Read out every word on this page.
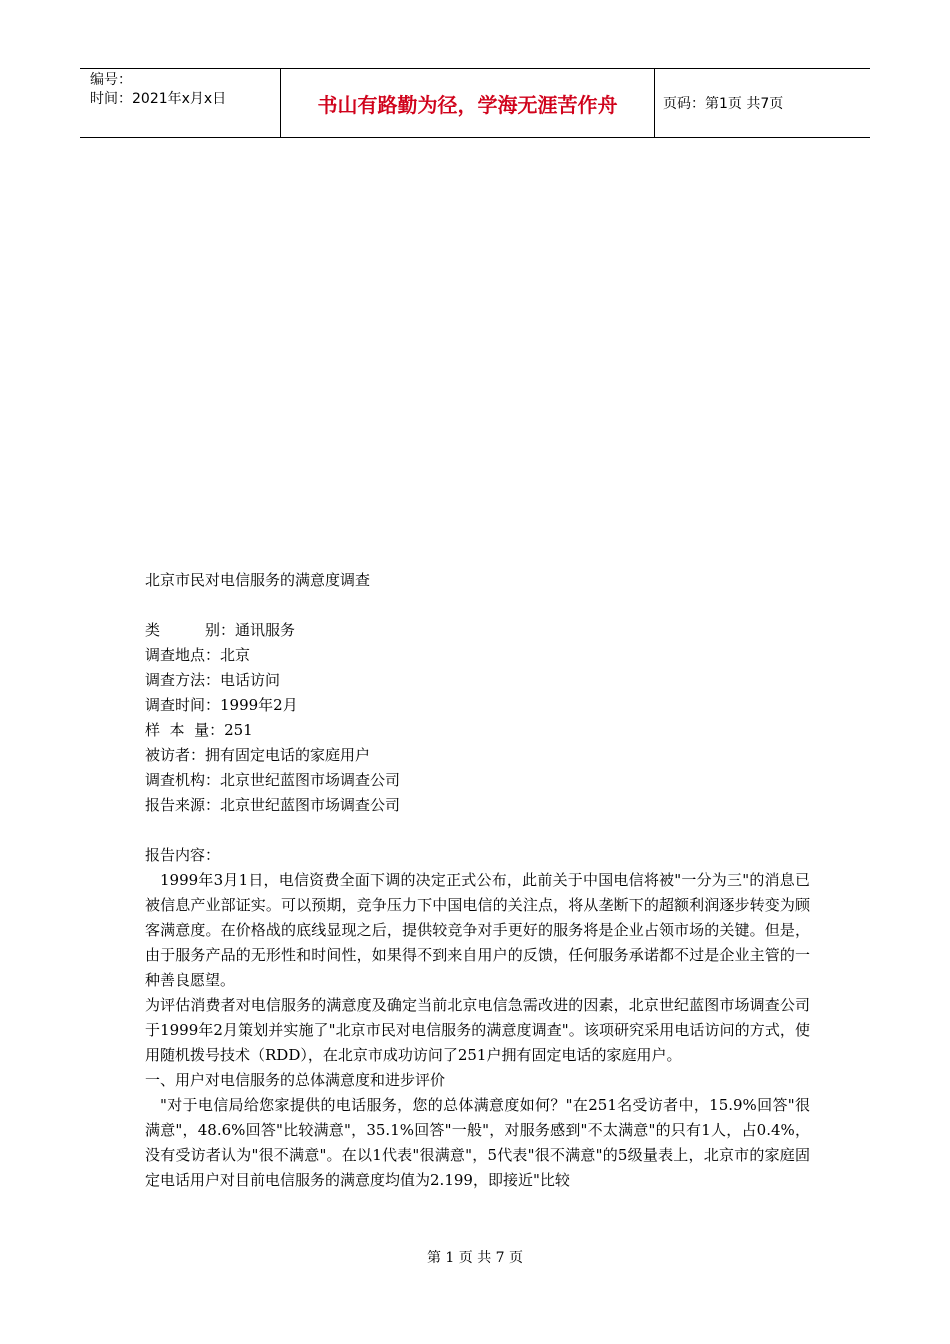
编号：
时间：2021年x月x日	书山有路勤为径，学海无涯苦作舟	页码：第1页 共7页

北京市民对电信服务的满意度调查

类　　　别：通讯服务

调查地点：北京

调查方法：电话访问

调查时间：1999年2月

样  本  量：251

被访者：拥有固定电话的家庭用户

调查机构：北京世纪蓝图市场调查公司

报告来源：北京世纪蓝图市场调查公司

报告内容：

1999年3月1日，电信资费全面下调的决定正式公布，此前关于中国电信将被"一分为三"的消息已被信息产业部证实。可以预期，竞争压力下中国电信的关注点，将从垄断下的超额利润逐步转变为顾客满意度。在价格战的底线显现之后，提供较竞争对手更好的服务将是企业占领市场的关键。但是，由于服务产品的无形性和时间性，如果得不到来自用户的反馈，任何服务承诺都不过是企业主管的一种善良愿望。

为评估消费者对电信服务的满意度及确定当前北京电信急需改进的因素，北京世纪蓝图市场调查公司于1999年2月策划并实施了"北京市民对电信服务的满意度调查"。该项研究采用电话访问的方式，使用随机拨号技术（RDD），在北京市成功访问了251户拥有固定电话的家庭用户。

一、用户对电信服务的总体满意度和进步评价

"对于电信局给您家提供的电话服务，您的总体满意度如何？"在251名受访者中，15.9%回答"很满意"，48.6%回答"比较满意"，35.1%回答"一般"，对服务感到"不太满意"的只有1人，占0.4%，没有受访者认为"很不满意"。在以1代表"很满意"，5代表"很不满意"的5级量表上，北京市的家庭固定电话用户对目前电信服务的满意度均值为2.199，即接近"比较

第 1 页 共 7 页
